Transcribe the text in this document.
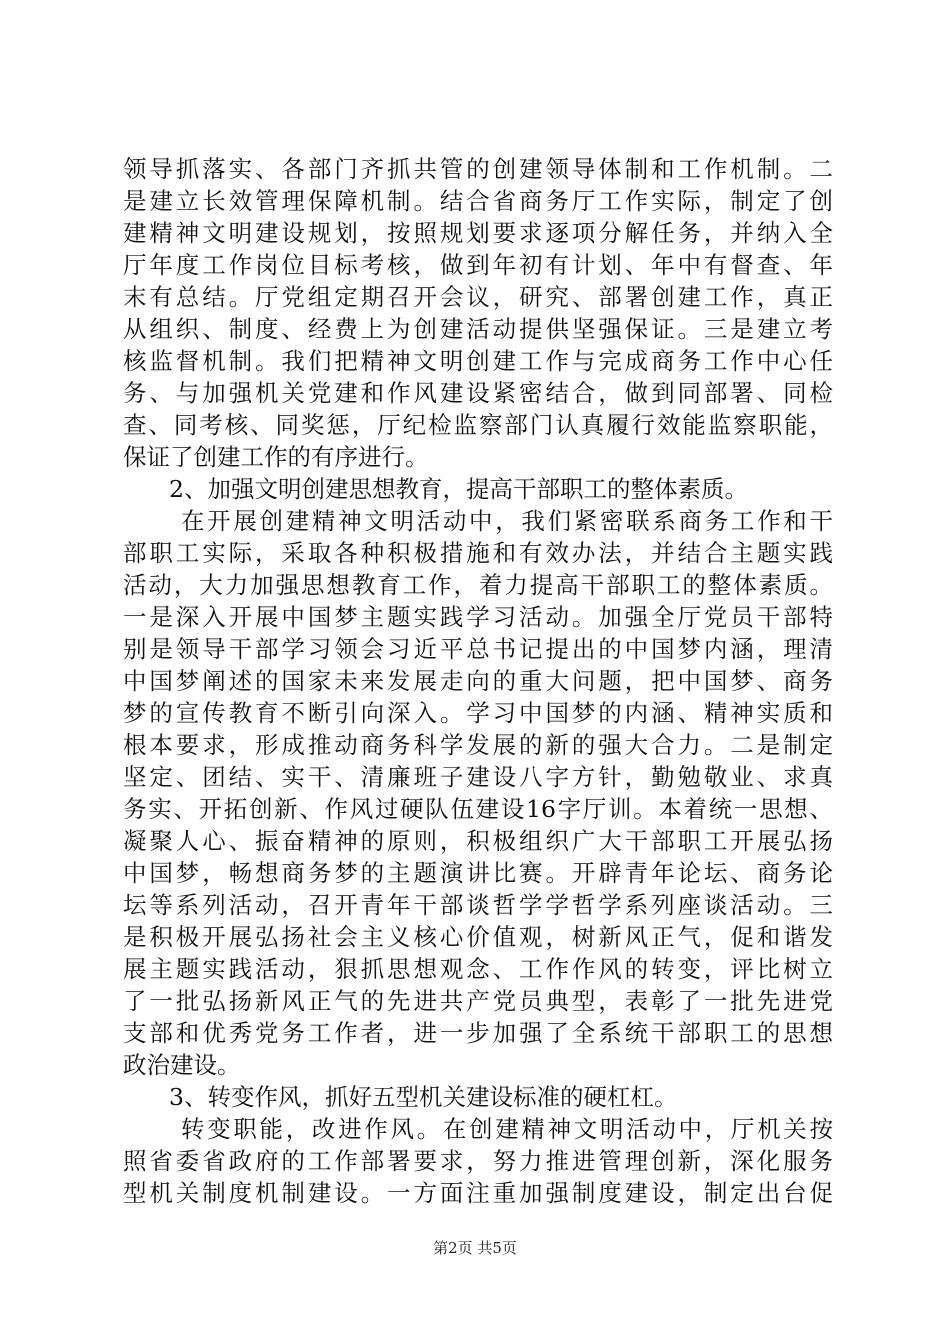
领导抓落实、各部门齐抓共管的创建领导体制和工作机制。二
是建立长效管理保障机制。结合省商务厅工作实际，制定了创
建精神文明建设规划，按照规划要求逐项分解任务，并纳入全
厅年度工作岗位目标考核，做到年初有计划、年中有督查、年
末有总结。厅党组定期召开会议，研究、部署创建工作，真正
从组织、制度、经费上为创建活动提供坚强保证。三是建立考
核监督机制。我们把精神文明创建工作与完成商务工作中心任
务、与加强机关党建和作风建设紧密结合，做到同部署、同检
查、同考核、同奖惩，厅纪检监察部门认真履行效能监察职能，
保证了创建工作的有序进行。
2、加强文明创建思想教育，提高干部职工的整体素质。
在开展创建精神文明活动中，我们紧密联系商务工作和干
部职工实际，采取各种积极措施和有效办法，并结合主题实践
活动，大力加强思想教育工作，着力提高干部职工的整体素质。
一是深入开展中国梦主题实践学习活动。加强全厅党员干部特
别是领导干部学习领会习近平总书记提出的中国梦内涵，理清
中国梦阐述的国家未来发展走向的重大问题，把中国梦、商务
梦的宣传教育不断引向深入。学习中国梦的内涵、精神实质和
根本要求，形成推动商务科学发展的新的强大合力。二是制定
坚定、团结、实干、清廉班子建设八字方针，勤勉敬业、求真
务实、开拓创新、作风过硬队伍建设16字厅训。本着统一思想、
凝聚人心、振奋精神的原则，积极组织广大干部职工开展弘扬
中国梦，畅想商务梦的主题演讲比赛。开辟青年论坛、商务论
坛等系列活动，召开青年干部谈哲学学哲学系列座谈活动。三
是积极开展弘扬社会主义核心价值观，树新风正气，促和谐发
展主题实践活动，狠抓思想观念、工作作风的转变，评比树立
了一批弘扬新风正气的先进共产党员典型，表彰了一批先进党
支部和优秀党务工作者，进一步加强了全系统干部职工的思想
政治建设。
3、转变作风，抓好五型机关建设标准的硬杠杠。
转变职能，改进作风。在创建精神文明活动中，厅机关按
照省委省政府的工作部署要求，努力推进管理创新，深化服务
型机关制度机制建设。一方面注重加强制度建设，制定出台促
第2页 共5页
